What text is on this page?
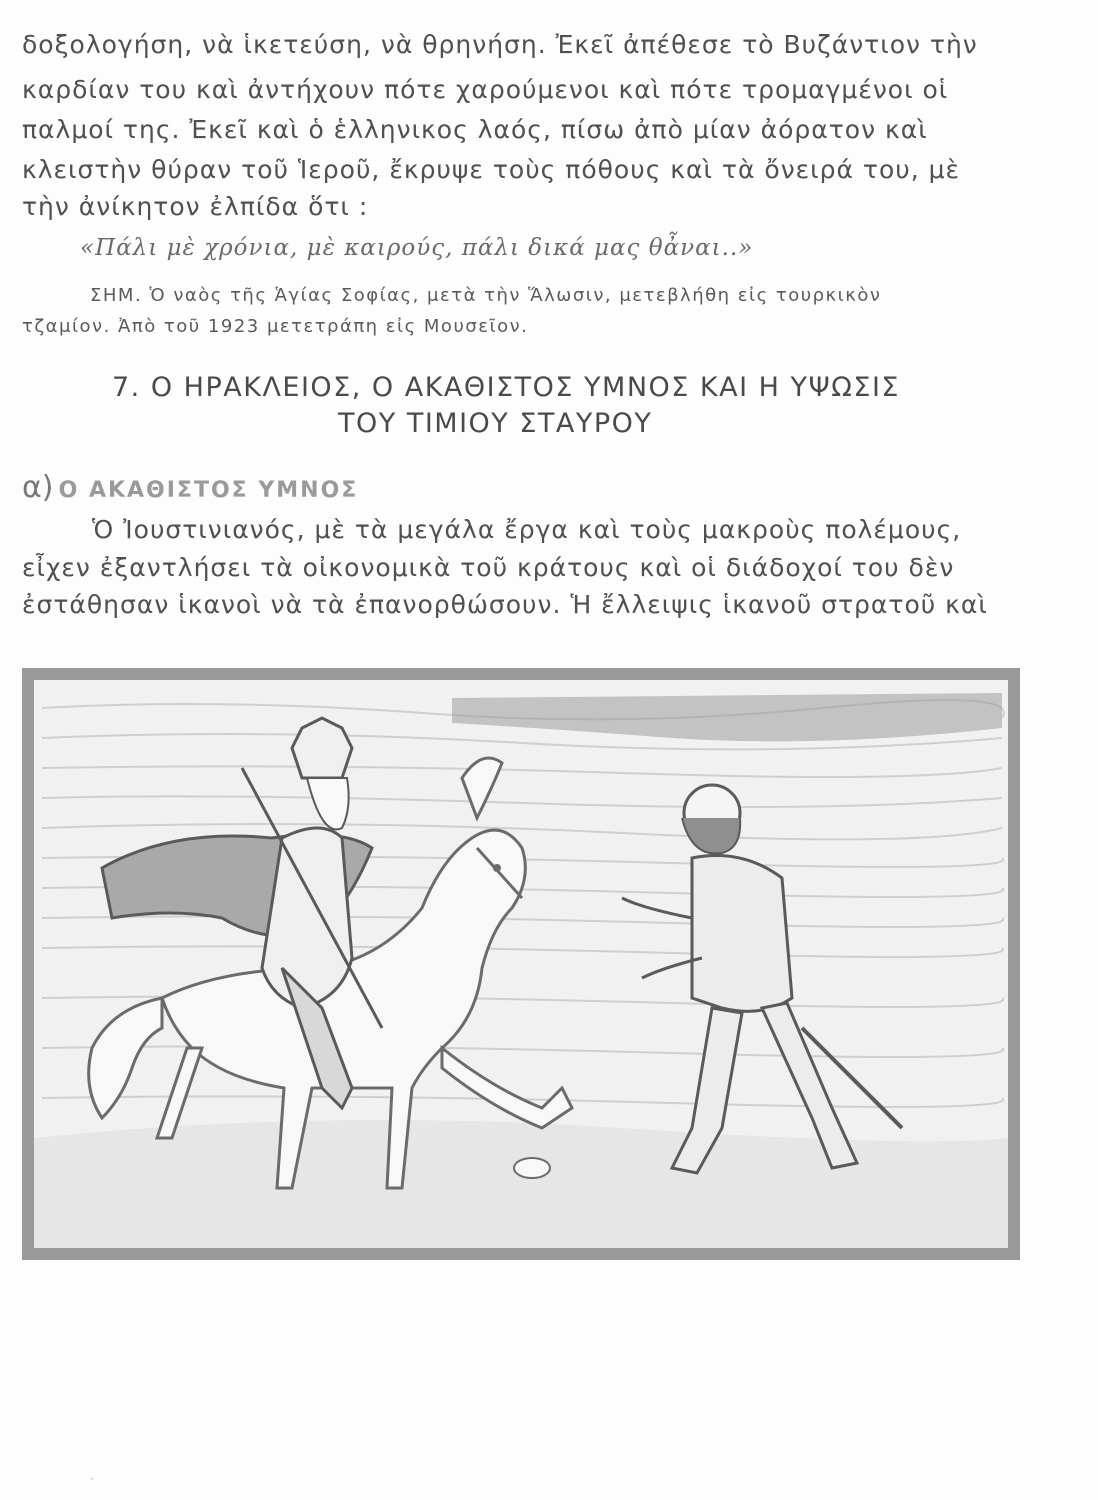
δοξολογήση, νὰ ἱκετεύση, νὰ θρηνήση. Ἐκεῖ ἀπέθεσε τὸ Βυζάντιον τὴν
καρδίαν του καὶ ἀντήχουν πότε χαρούμενοι καὶ πότε τρομαγμένοι οἱ
παλμοί της. Ἐκεῖ καὶ ὁ ἑλληνικος λαός, πίσω ἀπὸ μίαν ἀόρατον καὶ
κλειστὴν θύραν τοῦ Ἱεροῦ, ἔκρυψε τοὺς πόθους καὶ τὰ ὄνειρά του, μὲ
τὴν ἀνίκητον ἐλπίδα ὅτι :
«Πάλι μὲ χρόνια, μὲ καιρούς, πάλι δικά μας θἆναι..»
ΣΗΜ. Ὁ ναὸς τῆς Ἁγίας Σοφίας, μετὰ τὴν Ἅλωσιν, μετεβλήθη εἰς τουρκικὸν
τζαμίον. Ἀπὸ τοῦ 1923 μετετράπη εἰς Μουσεῖον.
7. Ο ΗΡΑΚΛΕΙΟΣ, Ο ΑΚΑΘΙΣΤΟΣ ΥΜΝΟΣ ΚΑΙ Η ΥΨΩΣΙΣ
ΤΟΥ ΤΙΜΙΟΥ ΣΤΑΥΡΟΥ
α) Ο ΑΚΑΘΙΣΤΟΣ ΥΜΝΟΣ
Ὁ Ἰουστινιανός, μὲ τὰ μεγάλα ἔργα καὶ τοὺς μακροὺς πολέμους,
εἶχεν ἐξαντλήσει τὰ οἰκονομικὰ τοῦ κράτους καὶ οἱ διάδοχοί του δὲν
ἐστάθησαν ἱκανοὶ νὰ τὰ ἐπανορθώσουν. Ἡ ἔλλειψις ἱκανοῦ στρατοῦ καὶ
·
